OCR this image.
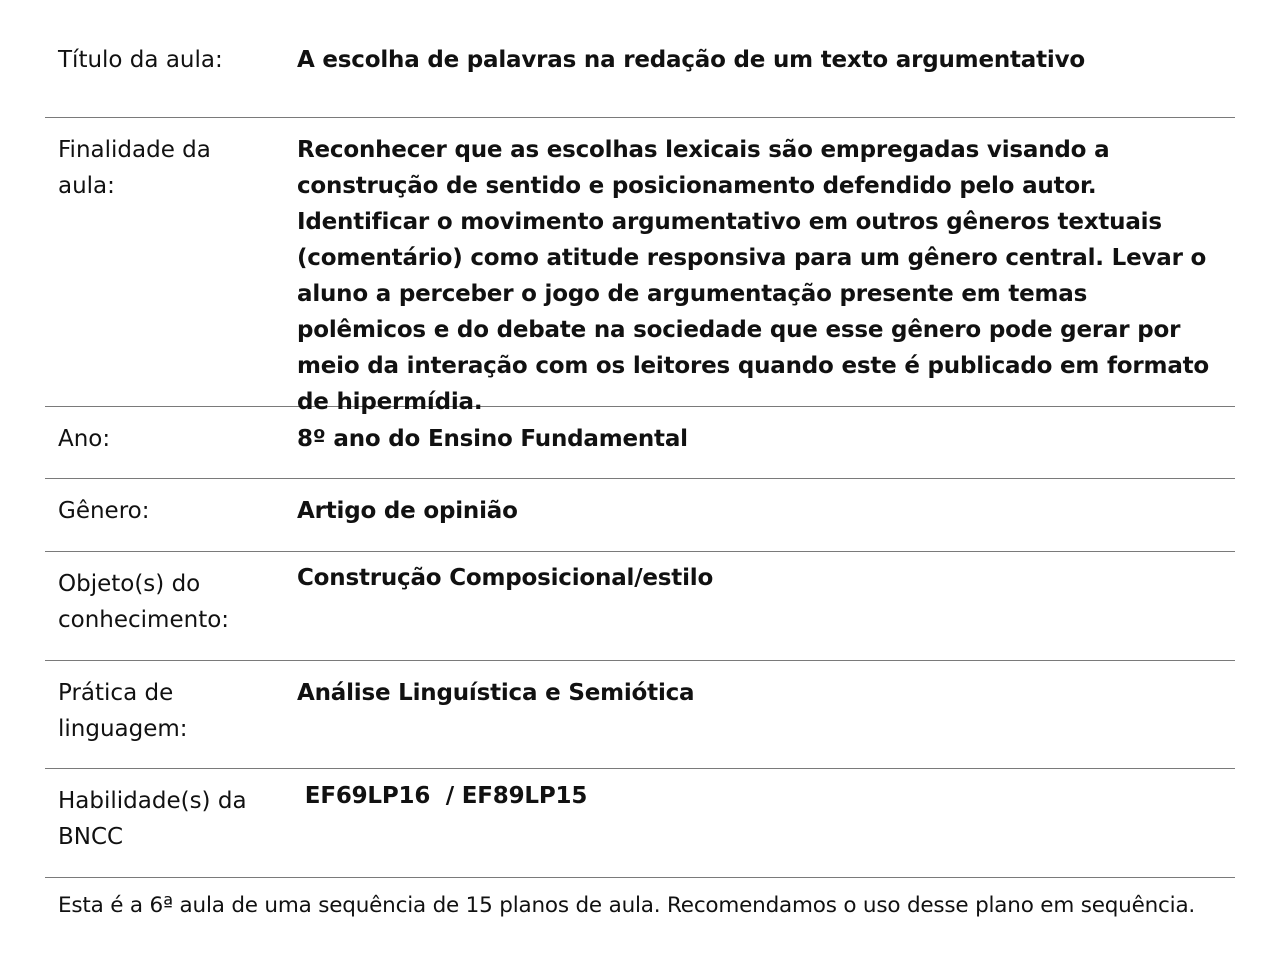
Título da aula:	A escolha de palavras na redação de um texto argumentativo
Finalidade da aula:
Reconhecer que as escolhas lexicais são empregadas visando a construção de sentido e posicionamento defendido pelo autor. Identificar o movimento argumentativo em outros gêneros textuais (comentário) como atitude responsiva para um gênero central. Levar o aluno a perceber o jogo de argumentação presente em temas polêmicos e do debate na sociedade que esse gênero pode gerar por meio da interação com os leitores quando este é publicado em formato de hipermídia.
Ano:	8º ano do Ensino Fundamental
Gênero:	Artigo de opinião
Objeto(s) do conhecimento:
Construção Composicional/estilo
Prática de linguagem:
Análise Linguística e Semiótica
Habilidade(s) da BNCC
EF69LP16  / EF89LP15
Esta é a 6ª aula de uma sequência de 15 planos de aula. Recomendamos o uso desse plano em sequência.
